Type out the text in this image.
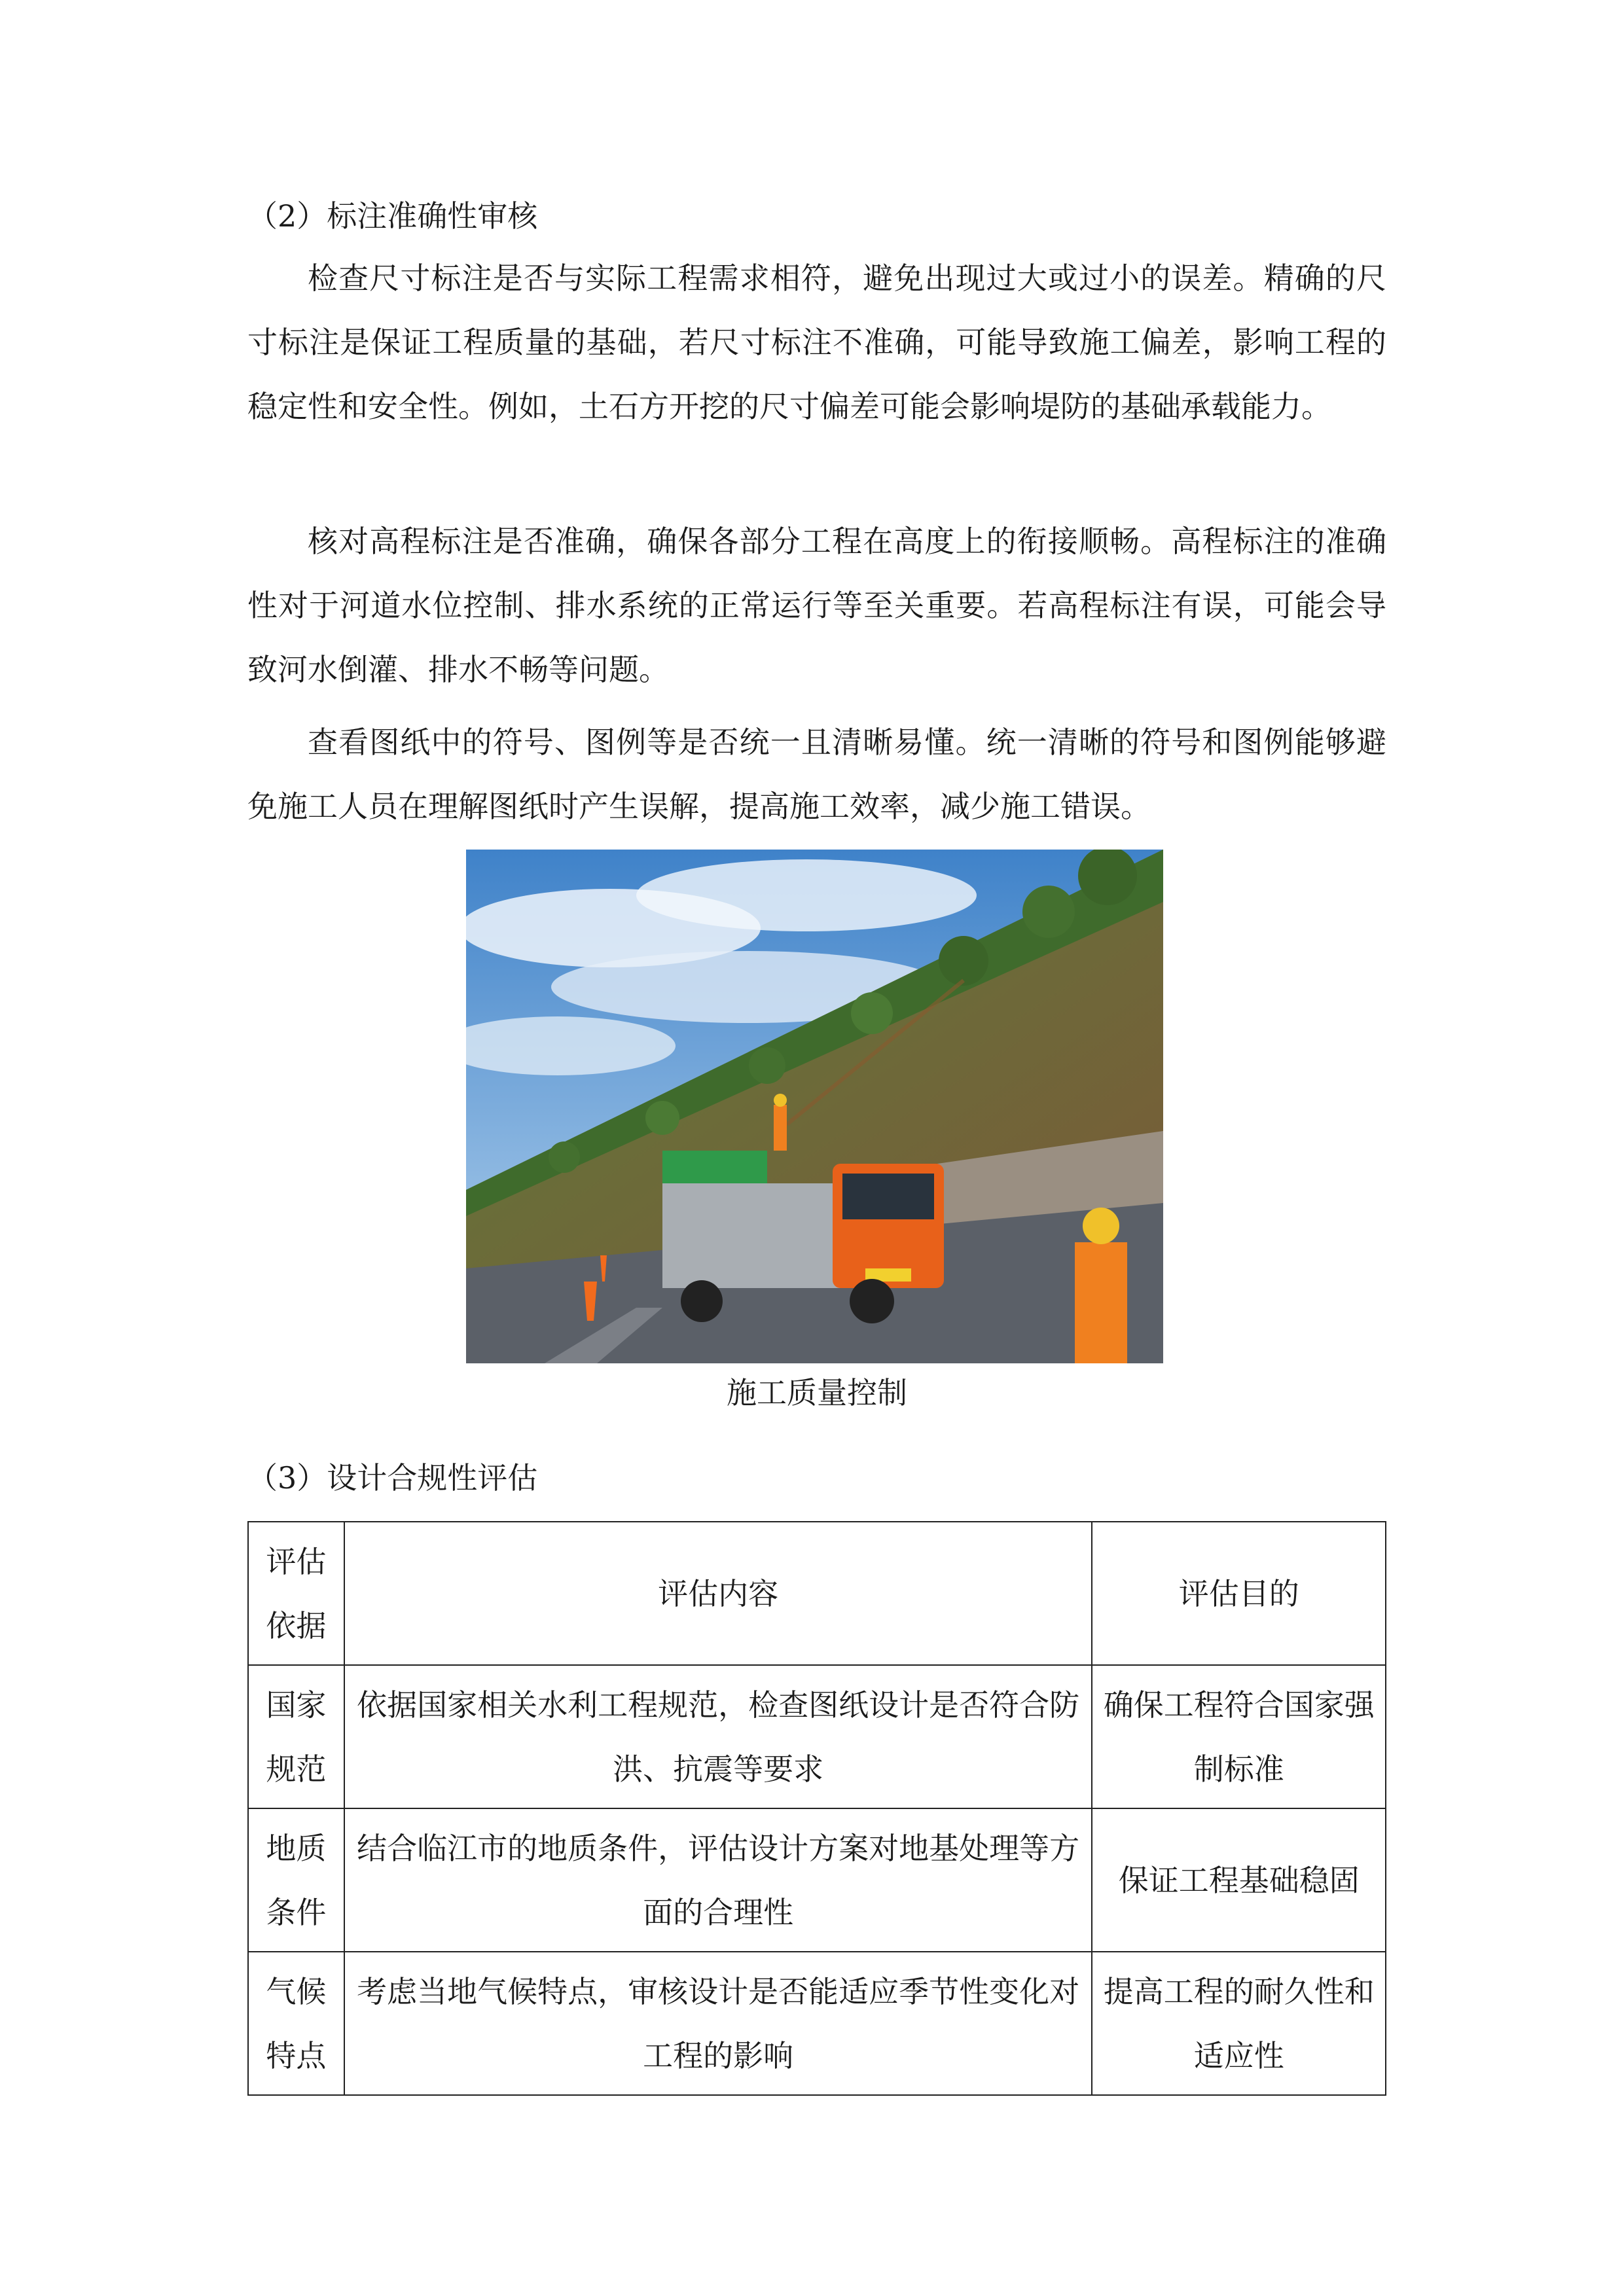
（2）标注准确性审核

检查尺寸标注是否与实际工程需求相符，避免出现过大或过小的误差。精确的尺寸标注是保证工程质量的基础，若尺寸标注不准确，可能导致施工偏差，影响工程的稳定性和安全性。例如，土石方开挖的尺寸偏差可能会影响堤防的基础承载能力。

核对高程标注是否准确，确保各部分工程在高度上的衔接顺畅。高程标注的准确性对于河道水位控制、排水系统的正常运行等至关重要。若高程标注有误，可能会导致河水倒灌、排水不畅等问题。

查看图纸中的符号、图例等是否统一且清晰易懂。统一清晰的符号和图例能够避免施工人员在理解图纸时产生误解，提高施工效率，减少施工错误。

施工质量控制
（3）设计合规性评估
评估依据	评估内容	评估目的
国家规范	依据国家相关水利工程规范，检查图纸设计是否符合防洪、抗震等要求	确保工程符合国家强制标准
地质条件	结合临江市的地质条件，评估设计方案对地基处理等方面的合理性	保证工程基础稳固
气候特点	考虑当地气候特点，审核设计是否能适应季节性变化对工程的影响	提高工程的耐久性和适应性
